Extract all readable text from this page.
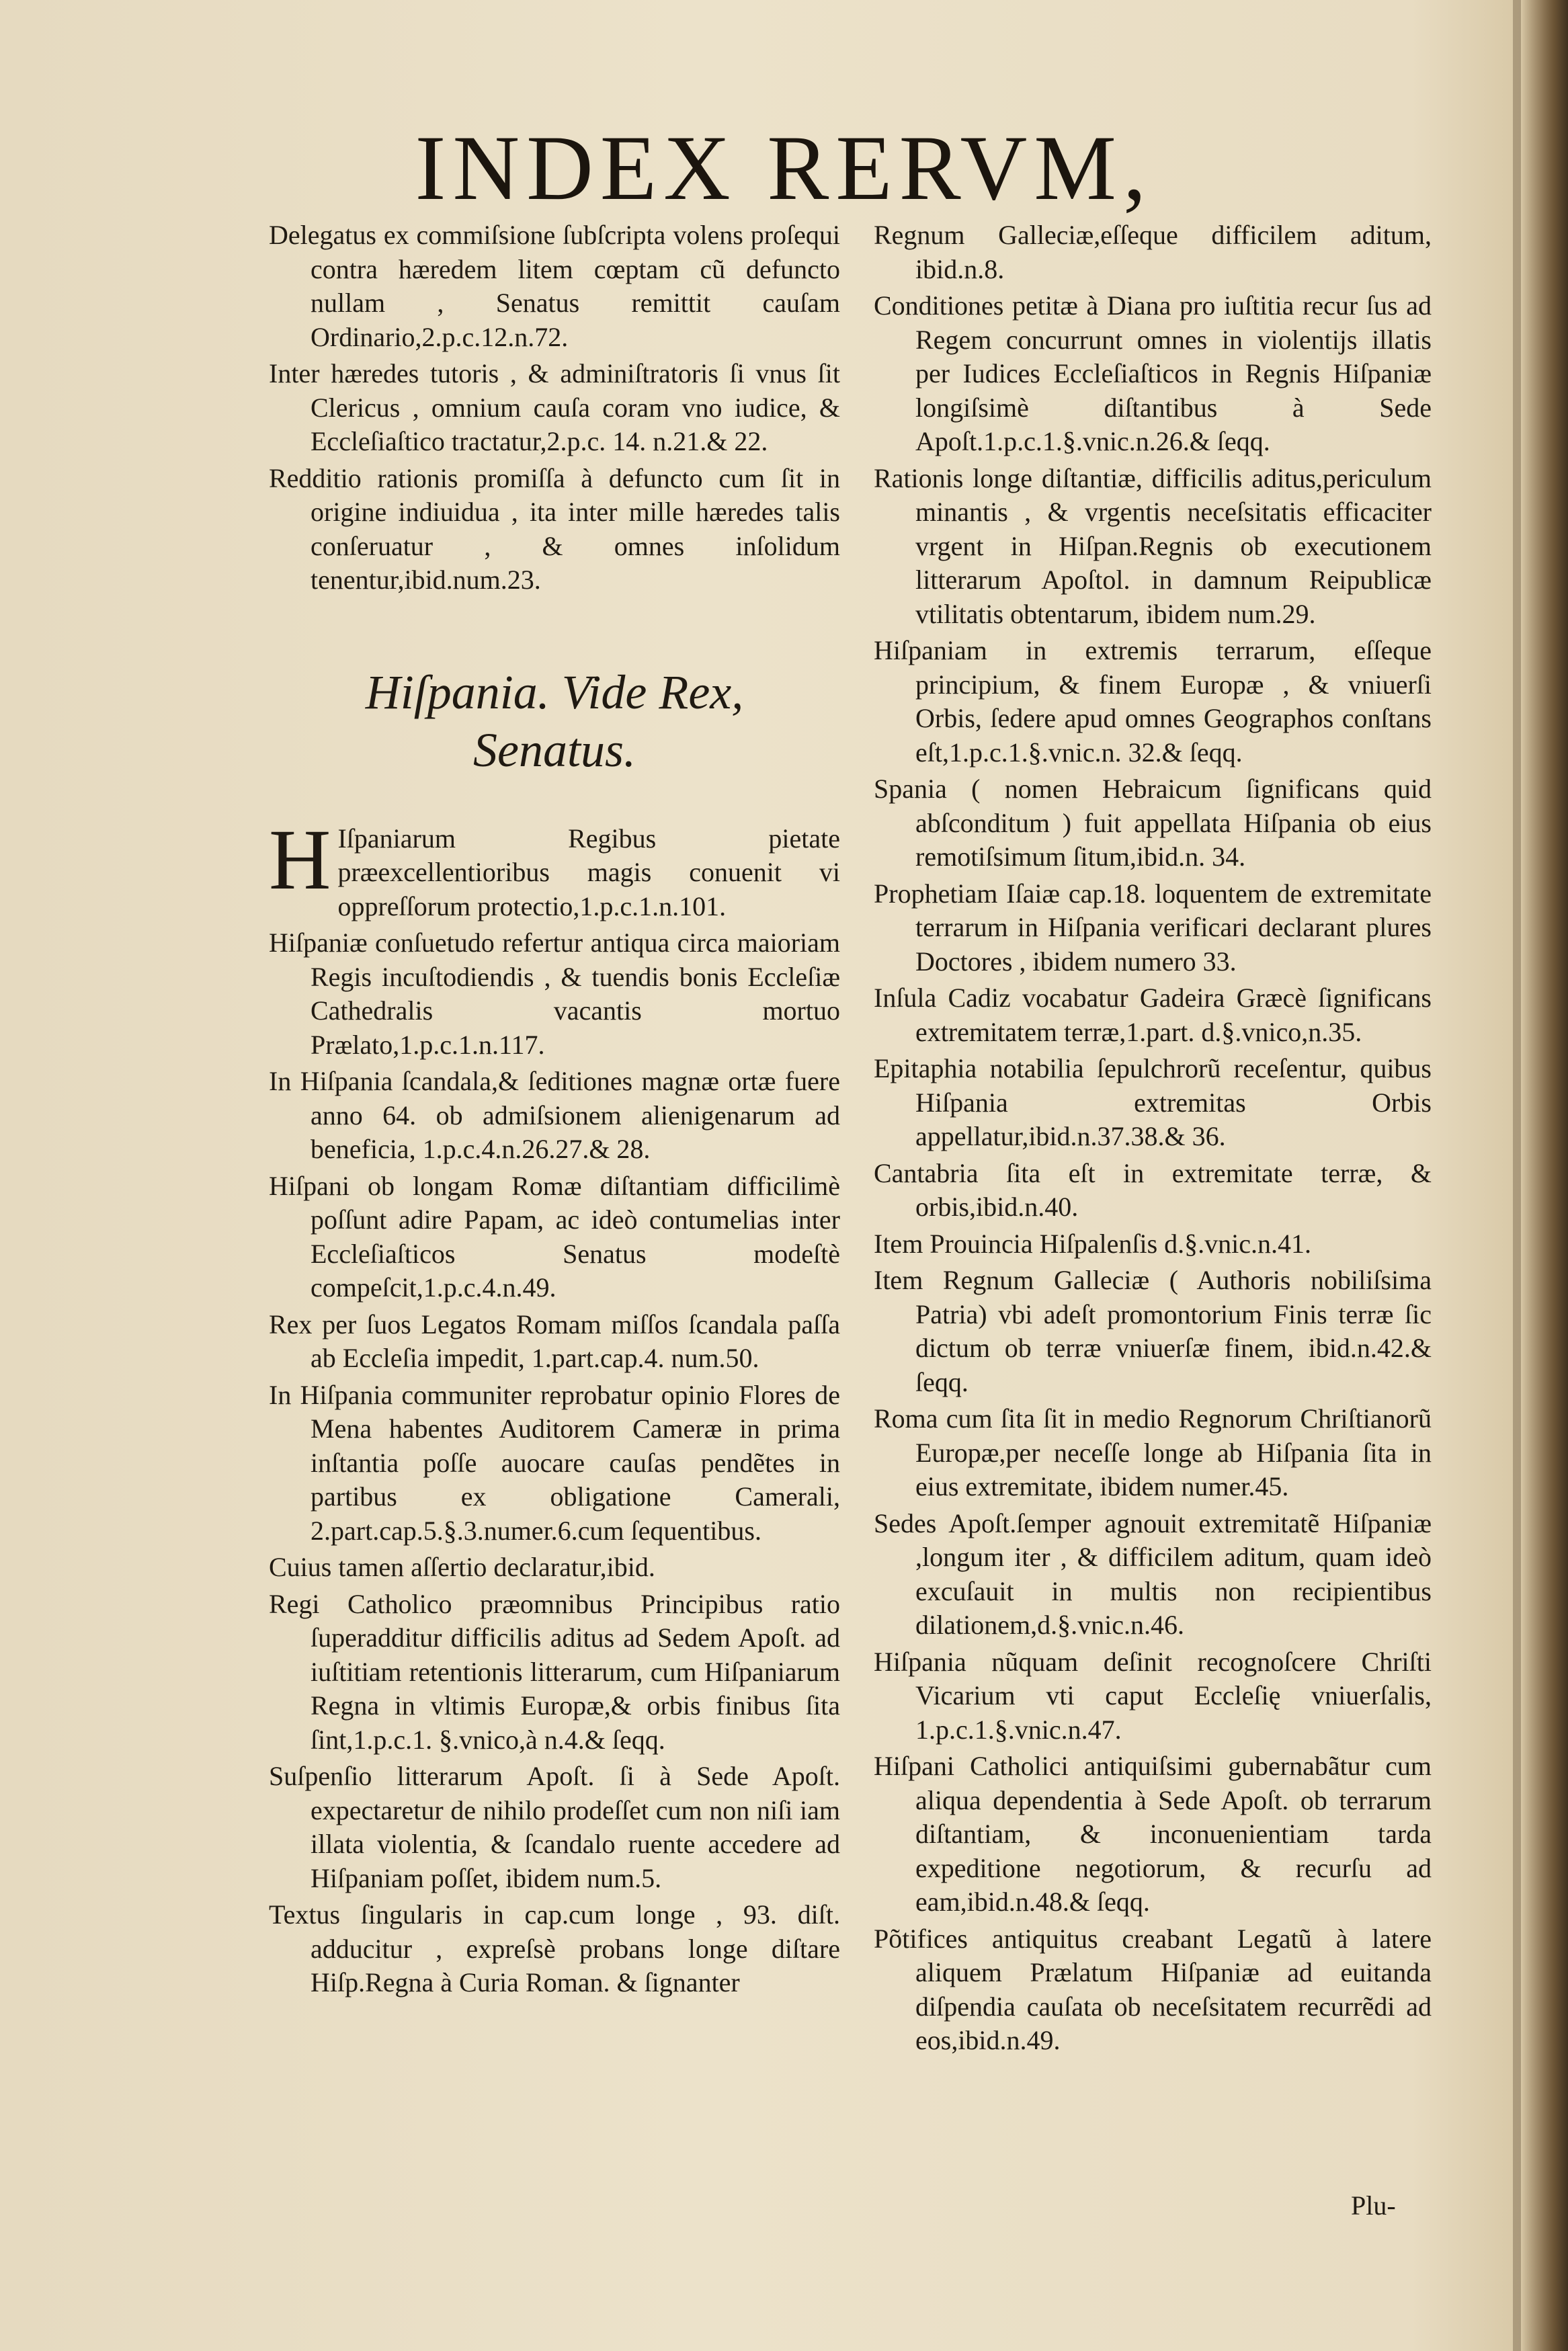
INDEX RERVM,
Delegatus ex commiſsione ſubſcripta volens proſequi contra hæredem litem cœptam cũ defuncto nullam , Senatus remittit cauſam Ordinario,2.p.c.12.n.72.
Inter hæredes tutoris , & adminiſtratoris ſi vnus ſit Clericus , omnium cauſa coram vno iudice, & Eccleſiaſtico tractatur,2.p.c. 14. n.21.& 22.
Redditio rationis promiſſa à defuncto cum ſit in origine indiuidua , ita inter mille hæredes talis conſeruatur , & omnes inſolidum tenentur,ibid.num.23.
Hiſpania. Vide Rex, Senatus.
H Iſpaniarum Regibus pietate præexcellentioribus magis conuenit vi oppreſſorum protectio,1.p.c.1.n.101.
Hiſpaniæ conſuetudo refertur antiqua circa maioriam Regis incuſtodiendis , & tuendis bonis Eccleſiæ Cathedralis vacantis mortuo Prælato,1.p.c.1.n.117.
In Hiſpania ſcandala,& ſeditiones magnæ ortæ fuere anno 64. ob admiſsionem alienigenarum ad beneficia, 1.p.c.4.n.26.27.& 28.
Hiſpani ob longam Romæ diſtantiam difficilimè poſſunt adire Papam, ac ideò contumelias inter Eccleſiaſticos Senatus modeſtè compeſcit,1.p.c.4.n.49.
Rex per ſuos Legatos Romam miſſos ſcandala paſſa ab Eccleſia impedit, 1.part.cap.4. num.50.
In Hiſpania communiter reprobatur opinio Flores de Mena habentes Auditorem Cameræ in prima inſtantia poſſe auocare cauſas pendẽtes in partibus ex obligatione Camerali, 2.part.cap.5.§.3.numer.6.cum ſequentibus.
Cuius tamen aſſertio declaratur,ibid.
Regi Catholico præomnibus Principibus ratio ſuperadditur difficilis aditus ad Sedem Apoſt. ad iuſtitiam retentionis litterarum, cum Hiſpaniarum Regna in vltimis Europæ,& orbis finibus ſita ſint,1.p.c.1. §.vnico,à n.4.& ſeqq.
Suſpenſio litterarum Apoſt. ſi à Sede Apoſt. expectaretur de nihilo prodeſſet cum non niſi iam illata violentia, & ſcandalo ruente accedere ad Hiſpaniam poſſet, ibidem num.5.
Textus ſingularis in cap.cum longe , 93. diſt. adducitur , expreſsè probans longe diſtare Hiſp.Regna à Curia Roman. & ſignanter
Regnum Galleciæ,eſſeque difficilem aditum, ibid.n.8.
Conditiones petitæ à Diana pro iuſtitia recur ſus ad Regem concurrunt omnes in violentijs illatis per Iudices Eccleſiaſticos in Regnis Hiſpaniæ longiſsimè diſtantibus à Sede Apoſt.1.p.c.1.§.vnic.n.26.& ſeqq.
Rationis longe diſtantiæ, difficilis aditus,periculum minantis , & vrgentis neceſsitatis efficaciter vrgent in Hiſpan.Regnis ob executionem litterarum Apoſtol. in damnum Reipublicæ vtilitatis obtentarum, ibidem num.29.
Hiſpaniam in extremis terrarum, eſſeque principium, & finem Europæ , & vniuerſi Orbis, ſedere apud omnes Geographos conſtans eſt,1.p.c.1.§.vnic.n. 32.& ſeqq.
Spania ( nomen Hebraicum ſignificans quid abſconditum ) fuit appellata Hiſpania ob eius remotiſsimum ſitum,ibid.n. 34.
Prophetiam Iſaiæ cap.18. loquentem de extremitate terrarum in Hiſpania verificari declarant plures Doctores , ibidem numero 33.
Inſula Cadiz vocabatur Gadeira Græcè ſignificans extremitatem terræ,1.part. d.§.vnico,n.35.
Epitaphia notabilia ſepulchrorũ receſentur, quibus Hiſpania extremitas Orbis appellatur,ibid.n.37.38.& 36.
Cantabria ſita eſt in extremitate terræ, & orbis,ibid.n.40.
Item Prouincia Hiſpalenſis d.§.vnic.n.41.
Item Regnum Galleciæ ( Authoris nobiliſsima Patria) vbi adeſt promontorium Finis terræ ſic dictum ob terræ vniuerſæ finem, ibid.n.42.& ſeqq.
Roma cum ſita ſit in medio Regnorum Chriſtianorũ Europæ,per neceſſe longe ab Hiſpania ſita in eius extremitate, ibidem numer.45.
Sedes Apoſt.ſemper agnouit extremitatẽ Hiſpaniæ ,longum iter , & difficilem aditum, quam ideò excuſauit in multis non recipientibus dilationem,d.§.vnic.n.46.
Hiſpania nũquam deſinit recognoſcere Chriſti Vicarium vti caput Eccleſię vniuerſalis, 1.p.c.1.§.vnic.n.47.
Hiſpani Catholici antiquiſsimi gubernabãtur cum aliqua dependentia à Sede Apoſt. ob terrarum diſtantiam, & inconuenientiam tarda expeditione negotiorum, & recurſu ad eam,ibid.n.48.& ſeqq.
Põtifices antiquitus creabant Legatũ à latere aliquem Prælatum Hiſpaniæ ad euitanda diſpendia cauſata ob neceſsitatem recurrẽdi ad eos,ibid.n.49.
Plu-
